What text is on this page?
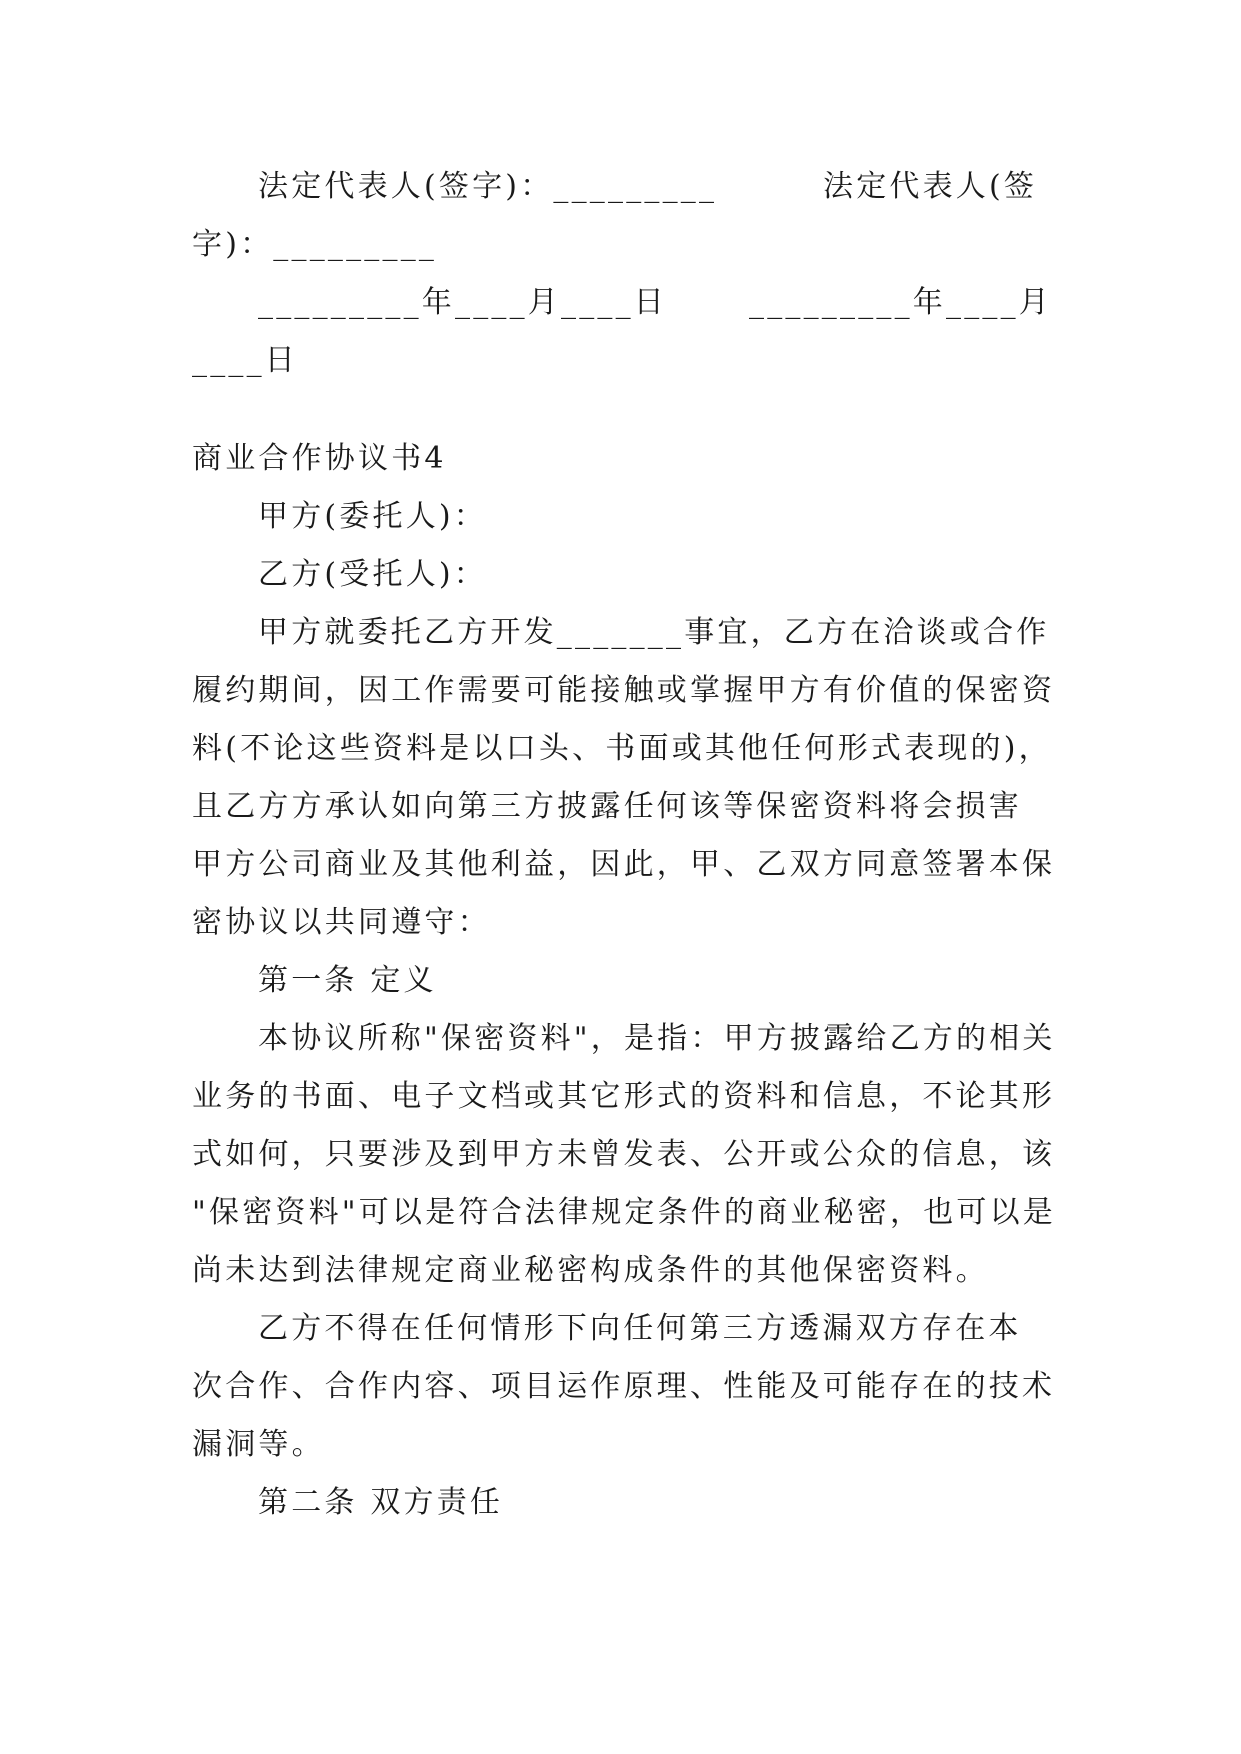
法定代表人(签字)：_________	法定代表人(签
字)：_________
_________年____月____日	_________年____月
____日
商业合作协议书4
甲方(委托人)：
乙方(受托人)：
甲方就委托乙方开发_______事宜，乙方在洽谈或合作
履约期间，因工作需要可能接触或掌握甲方有价值的保密资
料(不论这些资料是以口头、书面或其他任何形式表现的)，
且乙方方承认如向第三方披露任何该等保密资料将会损害
甲方公司商业及其他利益，因此，甲、乙双方同意签署本保
密协议以共同遵守：
第一条 定义
本协议所称"保密资料"，是指：甲方披露给乙方的相关
业务的书面、电子文档或其它形式的资料和信息，不论其形
式如何，只要涉及到甲方未曾发表、公开或公众的信息，该
"保密资料"可以是符合法律规定条件的商业秘密，也可以是
尚未达到法律规定商业秘密构成条件的其他保密资料。
乙方不得在任何情形下向任何第三方透漏双方存在本
次合作、合作内容、项目运作原理、性能及可能存在的技术
漏洞等。
第二条 双方责任
